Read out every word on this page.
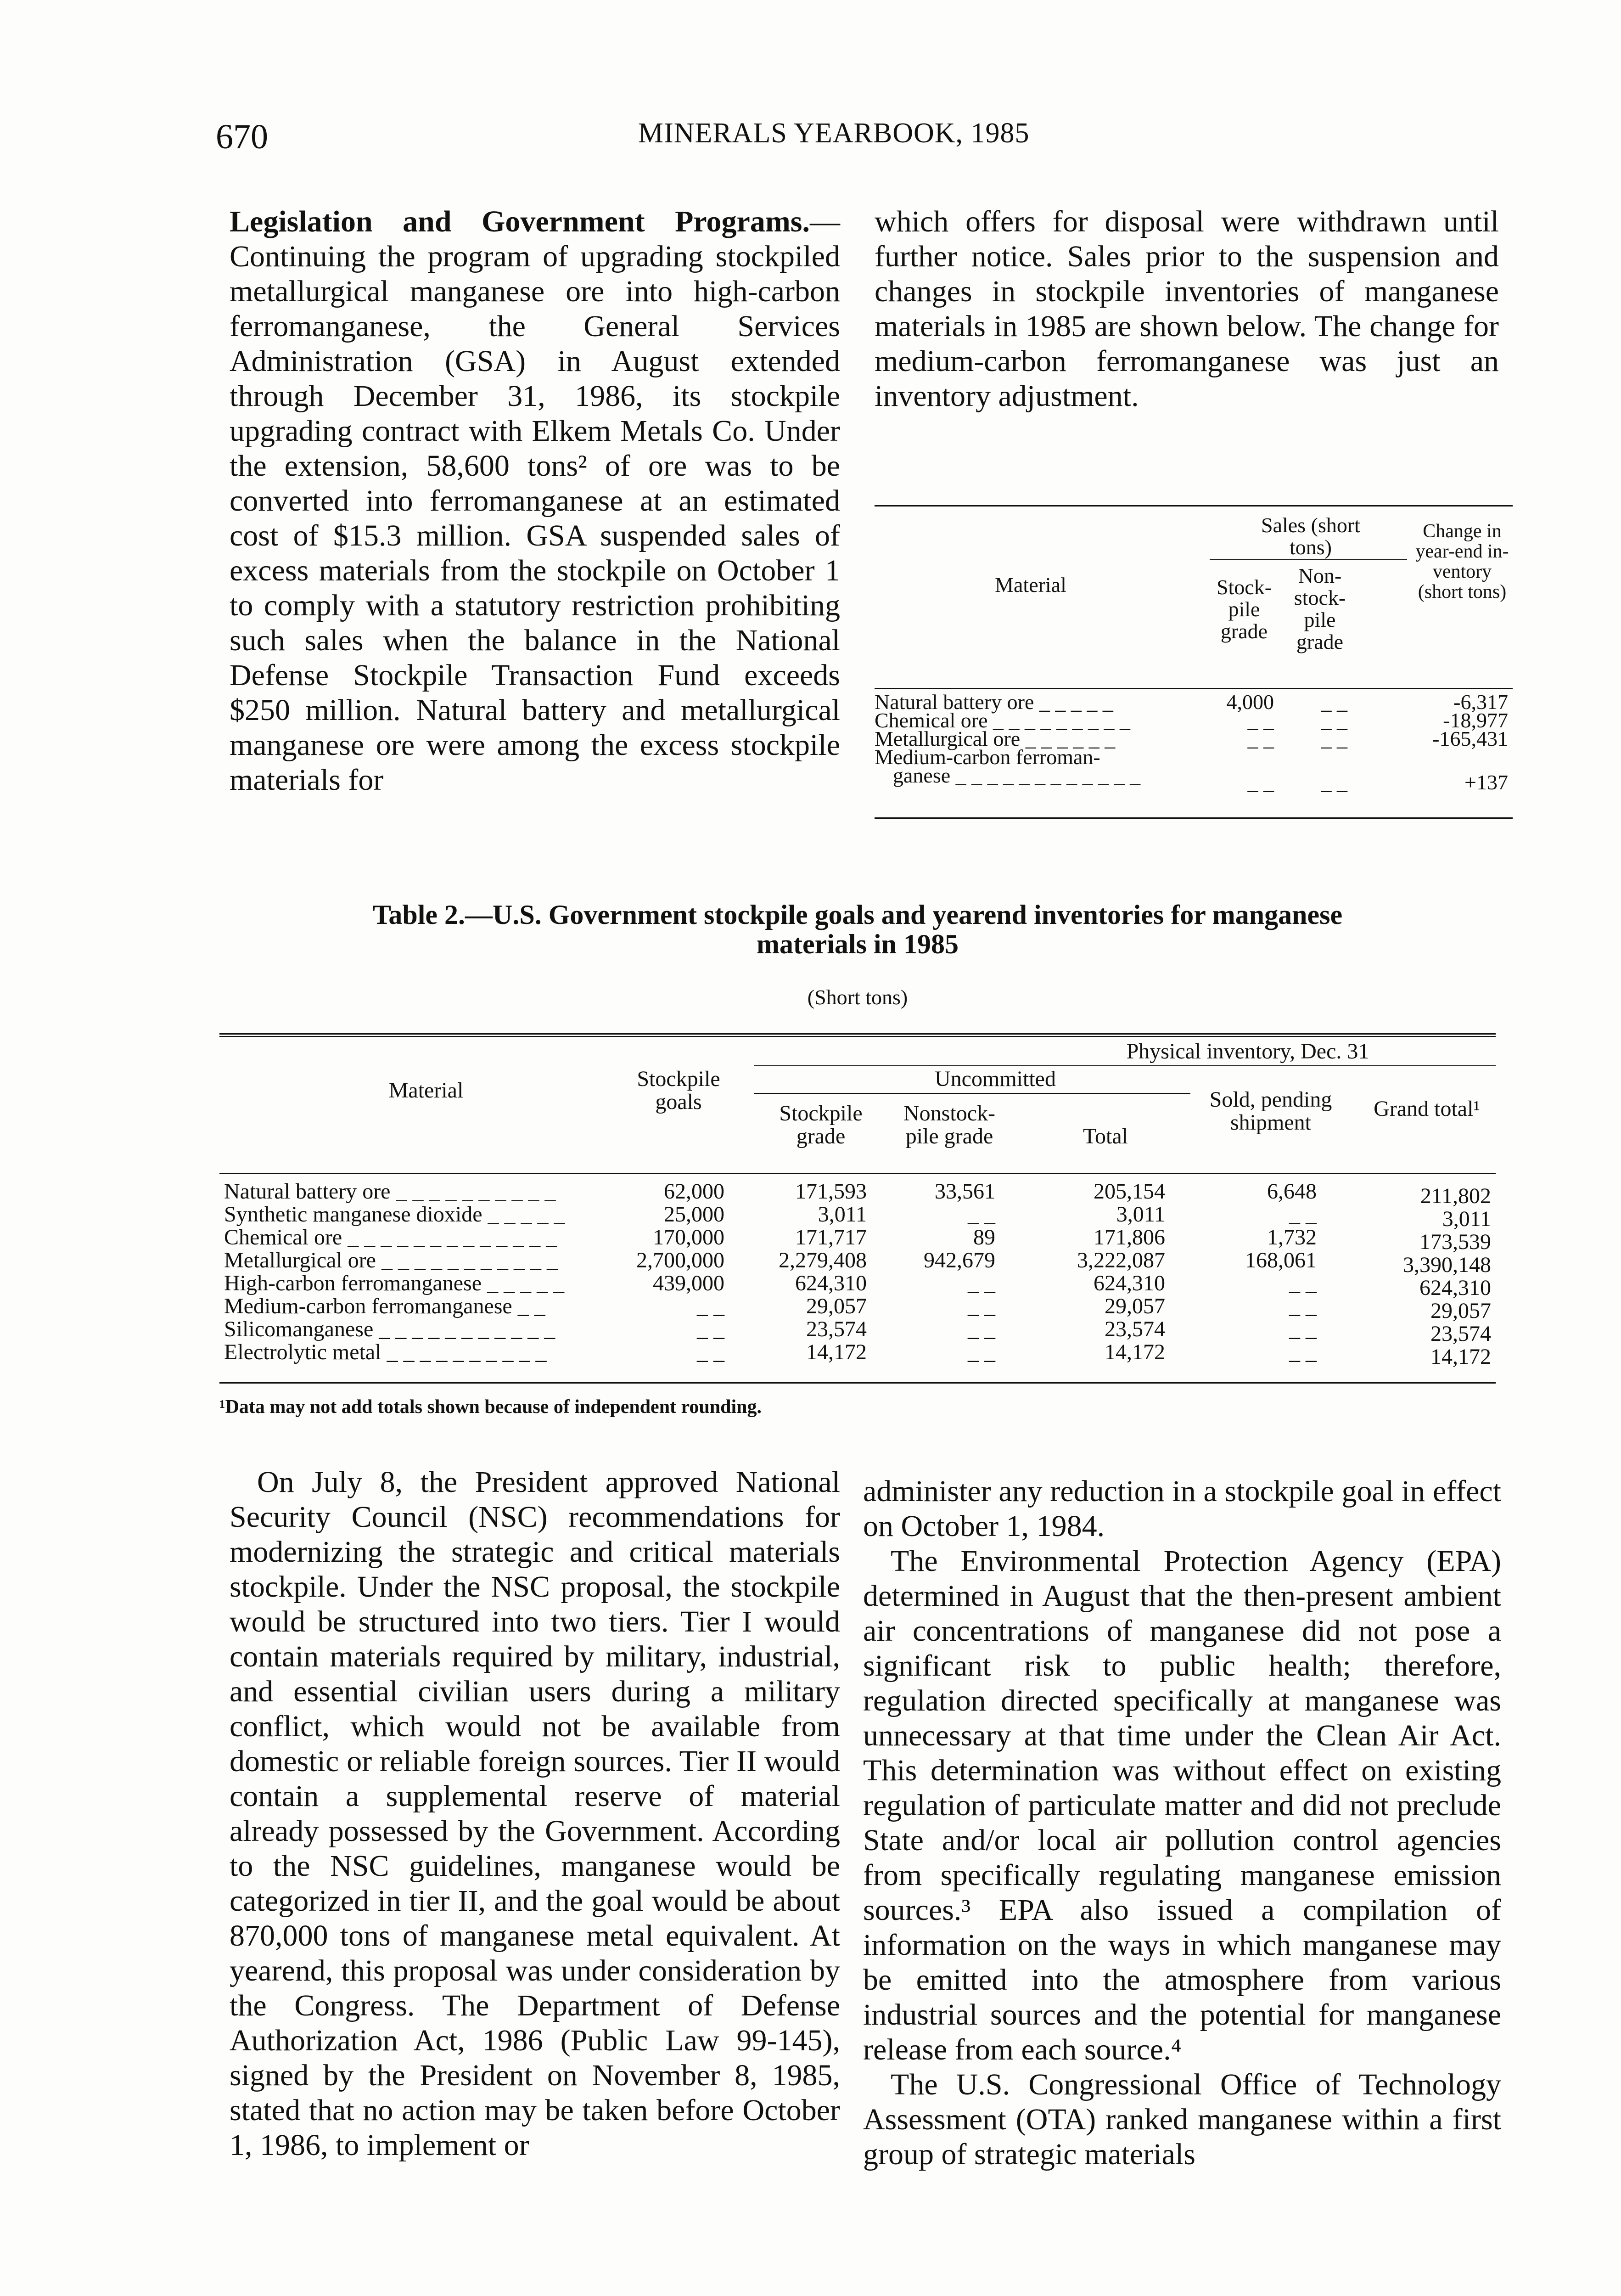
670	MINERALS YEARBOOK, 1985

Legislation and Government Programs.—Continuing the program of upgrading stockpiled metallurgical manganese ore into high-carbon ferromanganese, the General Services Administration (GSA) in August extended through December 31, 1986, its stockpile upgrading contract with Elkem Metals Co. Under the extension, 58,600 tons² of ore was to be converted into ferromanganese at an estimated cost of $15.3 million. GSA suspended sales of excess materials from the stockpile on October 1 to comply with a statutory restriction prohibiting such sales when the balance in the National Defense Stockpile Transaction Fund exceeds $250 million. Natural battery and metallurgical manganese ore were among the excess stockpile materials for

which offers for disposal were withdrawn until further notice. Sales prior to the suspension and changes in stockpile inventories of manganese materials in 1985 are shown below. The change for medium-carbon ferromanganese was just an inventory adjustment.

Sales (short tons)
Material	Stock-pile grade
Non-stock-pile grade
Change in year-end in-ventory (short tons)
Natural battery ore _ _ _ _ _	4,000	_ _	-6,317
Chemical ore _ _ _ _ _ _ _ _ _	_ _	_ _	-18,977
Metallurgical ore _ _ _ _ _ _	_ _	_ _	-165,431
Medium-carbon ferroman-
ganese _ _ _ _ _ _ _ _ _ _ _ _	_ _	_ _	+137
Table 2.—U.S. Government stockpile goals and yearend inventories for manganese
materials in 1985
(Short tons)
Physical inventory, Dec. 31
Material	Stockpile goals
Uncommitted
Stockpile grade
Nonstock-pile grade	Total
Sold, pending shipment
Grand total¹
Natural battery ore _ _ _ _ _ _ _ _ _ _	62,000	171,593	33,561	205,154	6,648	211,802
Synthetic manganese dioxide _ _ _ _ _	25,000	3,011	_ _	3,011	_ _	3,011
Chemical ore _ _ _ _ _ _ _ _ _ _ _ _ _	170,000	171,717	89	171,806	1,732	173,539
Metallurgical ore _ _ _ _ _ _ _ _ _ _ _	2,700,000	2,279,408	942,679	3,222,087	168,061	3,390,148
High-carbon ferromanganese _ _ _ _ _	439,000	624,310	_ _	624,310	_ _	624,310
Medium-carbon ferromanganese _ _	_ _	29,057	_ _	29,057	_ _	29,057
Silicomanganese _ _ _ _ _ _ _ _ _ _ _	_ _	23,574	_ _	23,574	_ _	23,574
Electrolytic metal _ _ _ _ _ _ _ _ _ _	_ _	14,172	_ _	14,172	_ _	14,172
¹Data may not add totals shown because of independent rounding.

On July 8, the President approved National Security Council (NSC) recommendations for modernizing the strategic and critical materials stockpile. Under the NSC proposal, the stockpile would be structured into two tiers. Tier I would contain materials required by military, industrial, and essential civilian users during a military conflict, which would not be available from domestic or reliable foreign sources. Tier II would contain a supplemental reserve of material already possessed by the Government. According to the NSC guidelines, manganese would be categorized in tier II, and the goal would be about 870,000 tons of manganese metal equivalent. At yearend, this proposal was under consideration by the Congress. The Department of Defense Authorization Act, 1986 (Public Law 99-145), signed by the President on November 8, 1985, stated that no action may be taken before October 1, 1986, to implement or

administer any reduction in a stockpile goal in effect on October 1, 1984.

The Environmental Protection Agency (EPA) determined in August that the then-present ambient air concentrations of manganese did not pose a significant risk to public health; therefore, regulation directed specifically at manganese was unnecessary at that time under the Clean Air Act. This determination was without effect on existing regulation of particulate matter and did not preclude State and/or local air pollution control agencies from specifically regulating manganese emission sources.³ EPA also issued a compilation of information on the ways in which manganese may be emitted into the atmosphere from various industrial sources and the potential for manganese release from each source.⁴

The U.S. Congressional Office of Technology Assessment (OTA) ranked manganese within a first group of strategic materials
